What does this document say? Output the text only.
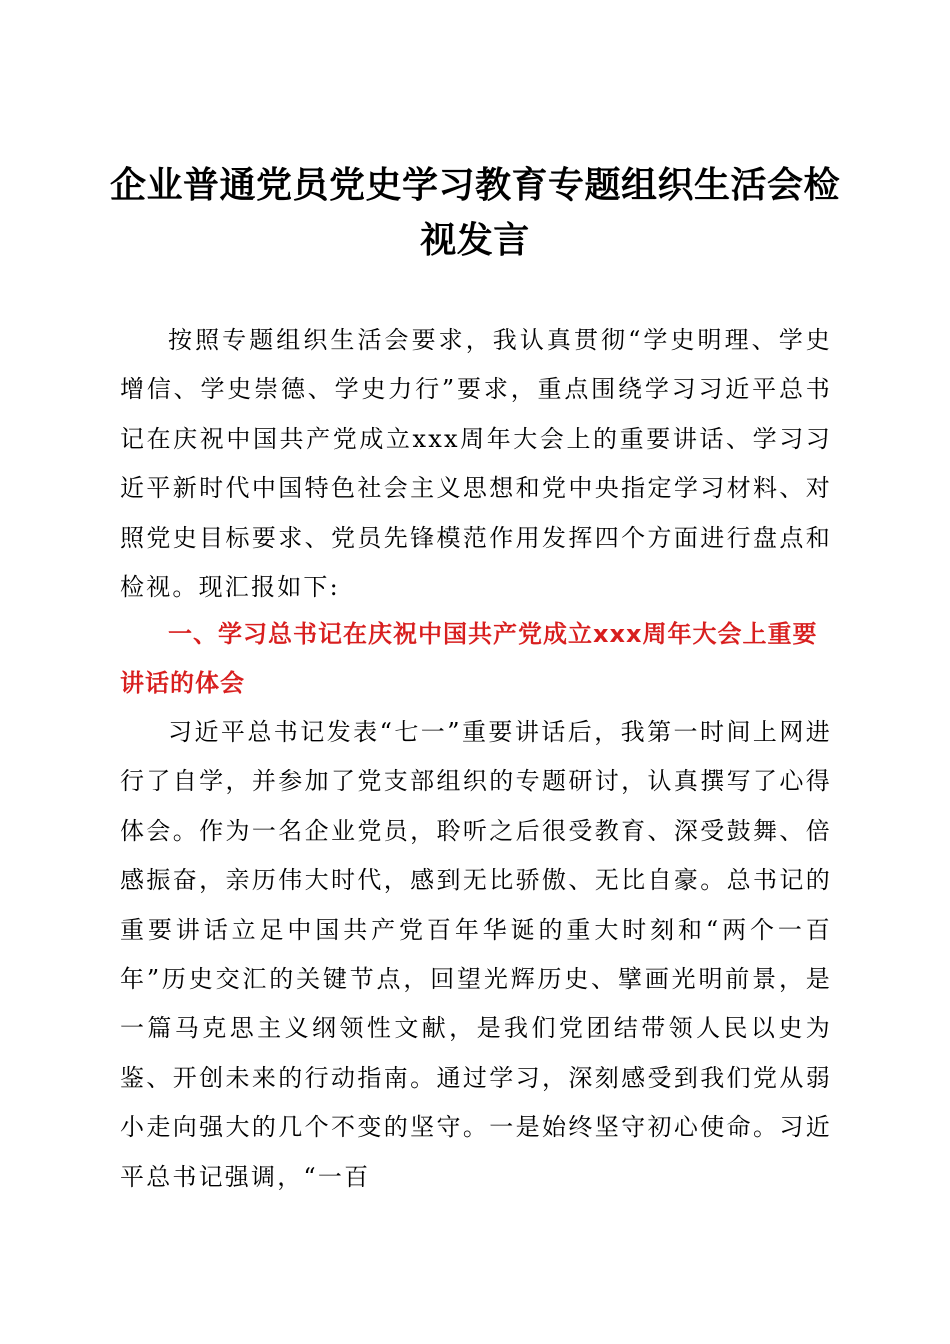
企业普通党员党史学习教育专题组织生活会检视发言

按照专题组织生活会要求，我认真贯彻“学史明理、学史增信、学史崇德、学史力行”要求，重点围绕学习习近平总书记在庆祝中国共产党成立xxx周年大会上的重要讲话、学习习近平新时代中国特色社会主义思想和党中央指定学习材料、对照党史目标要求、党员先锋模范作用发挥四个方面进行盘点和检视。现汇报如下:

一、学习总书记在庆祝中国共产党成立xxx周年大会上重要讲话的体会

习近平总书记发表“七一”重要讲话后，我第一时间上网进行了自学，并参加了党支部组织的专题研讨，认真撰写了心得体会。作为一名企业党员，聆听之后很受教育、深受鼓舞、倍感振奋，亲历伟大时代，感到无比骄傲、无比自豪。总书记的重要讲话立足中国共产党百年华诞的重大时刻和“两个一百年”历史交汇的关键节点，回望光辉历史、擘画光明前景，是一篇马克思主义纲领性文献，是我们党团结带领人民以史为鉴、开创未来的行动指南。通过学习，深刻感受到我们党从弱小走向强大的几个不变的坚守。一是始终坚守初心使命。习近平总书记强调，“一百
